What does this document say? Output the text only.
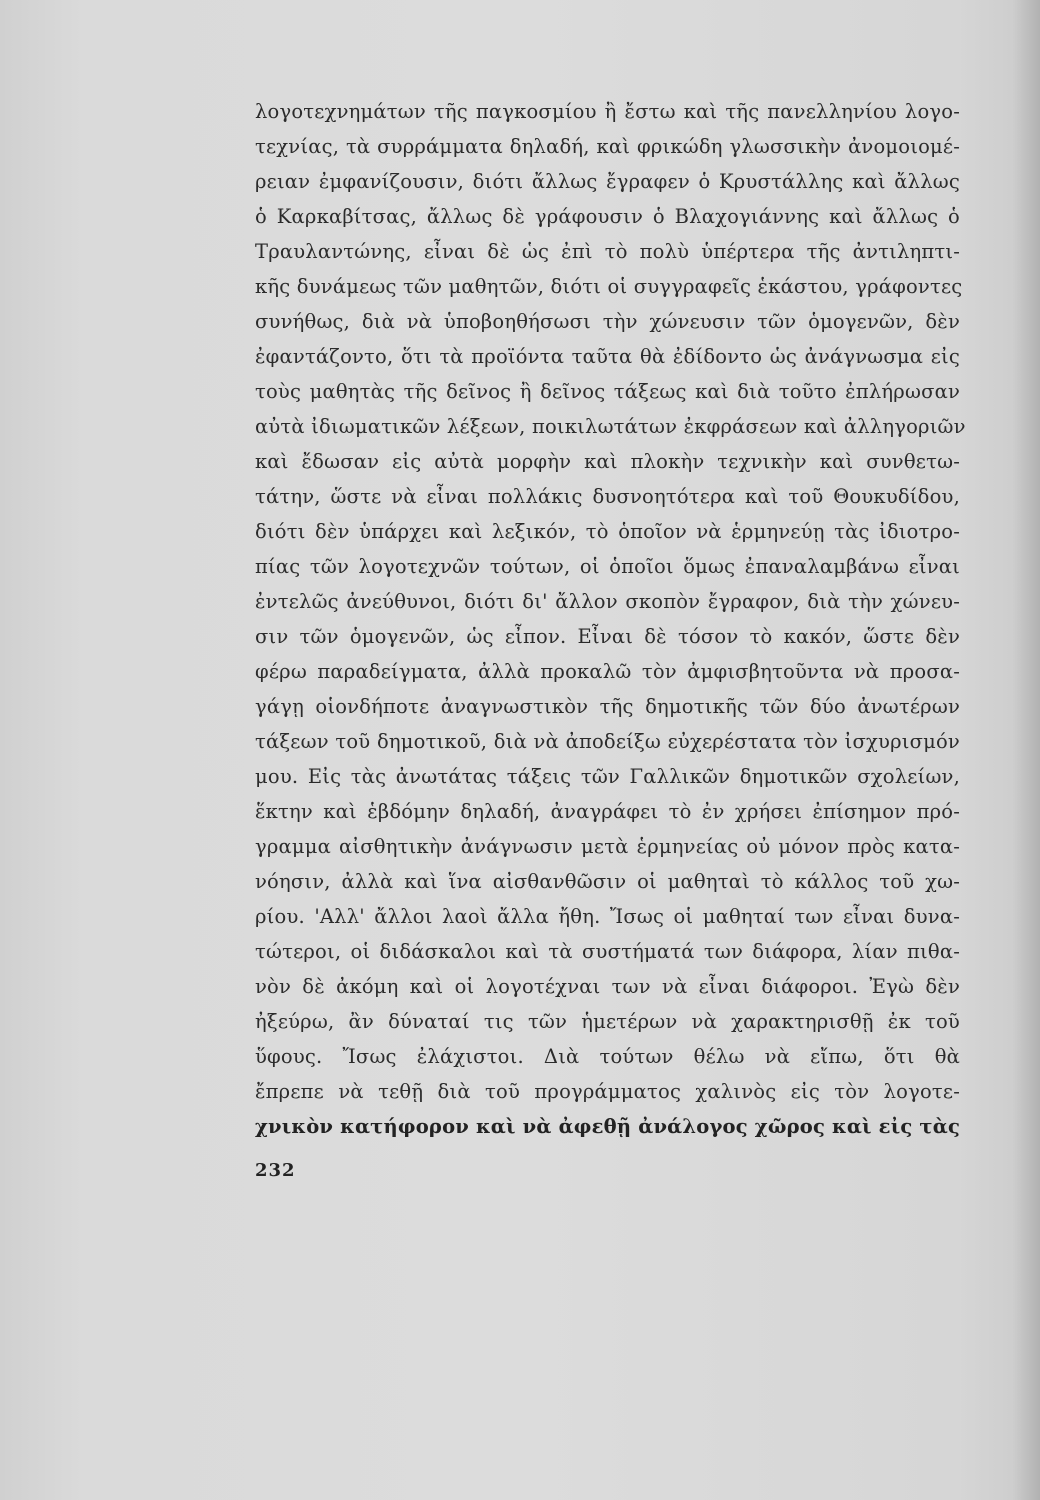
λογοτεχνημάτων τῆς παγκοσμίου ἢ ἔστω καὶ τῆς πανελληνίου λογο-
τεχνίας, τὰ συρράμματα δηλαδή, καὶ φρικώδη γλωσσικὴν ἀνομοιομέ-
ρειαν ἐμφανίζουσιν, διότι ἄλλως ἔγραφεν ὁ Κρυστάλλης καὶ ἄλλως
ὁ Καρκαβίτσας, ἄλλως δὲ γράφουσιν ὁ Βλαχογιάννης καὶ ἄλλως ὁ
Τραυλαντώνης, εἶναι δὲ ὡς ἐπὶ τὸ πολὺ ὑπέρτερα τῆς ἀντιληπτι-
κῆς δυνάμεως τῶν μαθητῶν, διότι οἱ συγγραφεῖς ἑκάστου, γράφοντες
συνήθως, διὰ νὰ ὑποβοηθήσωσι τὴν χώνευσιν τῶν ὁμογενῶν, δὲν
ἐφαντάζοντο, ὅτι τὰ προϊόντα ταῦτα θὰ ἐδίδοντο ὡς ἀνάγνωσμα εἰς
τοὺς μαθητὰς τῆς δεῖνος ἢ δεῖνος τάξεως καὶ διὰ τοῦτο ἐπλήρωσαν
αὐτὰ ἰδιωματικῶν λέξεων, ποικιλωτάτων ἐκφράσεων καὶ ἀλληγοριῶν
καὶ ἔδωσαν εἰς αὐτὰ μορφὴν καὶ πλοκὴν τεχνικὴν καὶ συνθετω-
τάτην, ὥστε νὰ εἶναι πολλάκις δυσνοητότερα καὶ τοῦ Θουκυδίδου,
διότι δὲν ὑπάρχει καὶ λεξικόν, τὸ ὁποῖον νὰ ἑρμηνεύῃ τὰς ἰδιοτρο-
πίας τῶν λογοτεχνῶν τούτων, οἱ ὁποῖοι ὅμως ἐπαναλαμβάνω εἶναι
ἐντελῶς ἀνεύθυνοι, διότι δι' ἄλλον σκοπὸν ἔγραφον, διὰ τὴν χώνευ-
σιν τῶν ὁμογενῶν, ὡς εἶπον. Εἶναι δὲ τόσον τὸ κακόν, ὥστε δὲν
φέρω παραδείγματα, ἀλλὰ προκαλῶ τὸν ἀμφισβητοῦντα νὰ προσα-
γάγῃ οἱονδήποτε ἀναγνωστικὸν τῆς δημοτικῆς τῶν δύο ἀνωτέρων
τάξεων τοῦ δημοτικοῦ, διὰ νὰ ἀποδείξω εὐχερέστατα τὸν ἰσχυρισμόν
μου. Εἰς τὰς ἀνωτάτας τάξεις τῶν Γαλλικῶν δημοτικῶν σχολείων,
ἕκτην καὶ ἑβδόμην δηλαδή, ἀναγράφει τὸ ἐν χρήσει ἐπίσημον πρό-
γραμμα αἰσθητικὴν ἀνάγνωσιν μετὰ ἑρμηνείας οὐ μόνον πρὸς κατα-
νόησιν, ἀλλὰ καὶ ἵνα αἰσθανθῶσιν οἱ μαθηταὶ τὸ κάλλος τοῦ χω-
ρίου. 'Αλλ' ἄλλοι λαοὶ ἄλλα ἤθη. Ἴσως οἱ μαθηταί των εἶναι δυνα-
τώτεροι, οἱ διδάσκαλοι καὶ τὰ συστήματά των διάφορα, λίαν πιθα-
νὸν δὲ ἀκόμη καὶ οἱ λογοτέχναι των νὰ εἶναι διάφοροι. Ἐγὼ δὲν
ἠξεύρω, ἂν δύναταί τις τῶν ἡμετέρων νὰ χαρακτηρισθῇ ἐκ τοῦ
ὕφους. Ἴσως ἐλάχιστοι. Διὰ τούτων θέλω νὰ εἴπω, ὅτι θὰ
ἔπρεπε νὰ τεθῇ διὰ τοῦ προγράμματος χαλινὸς εἰς τὸν λογοτε-
χνικὸν κατήφορον καὶ νὰ ἀφεθῇ ἀνάλογος χῶρος καὶ εἰς τὰς
232
